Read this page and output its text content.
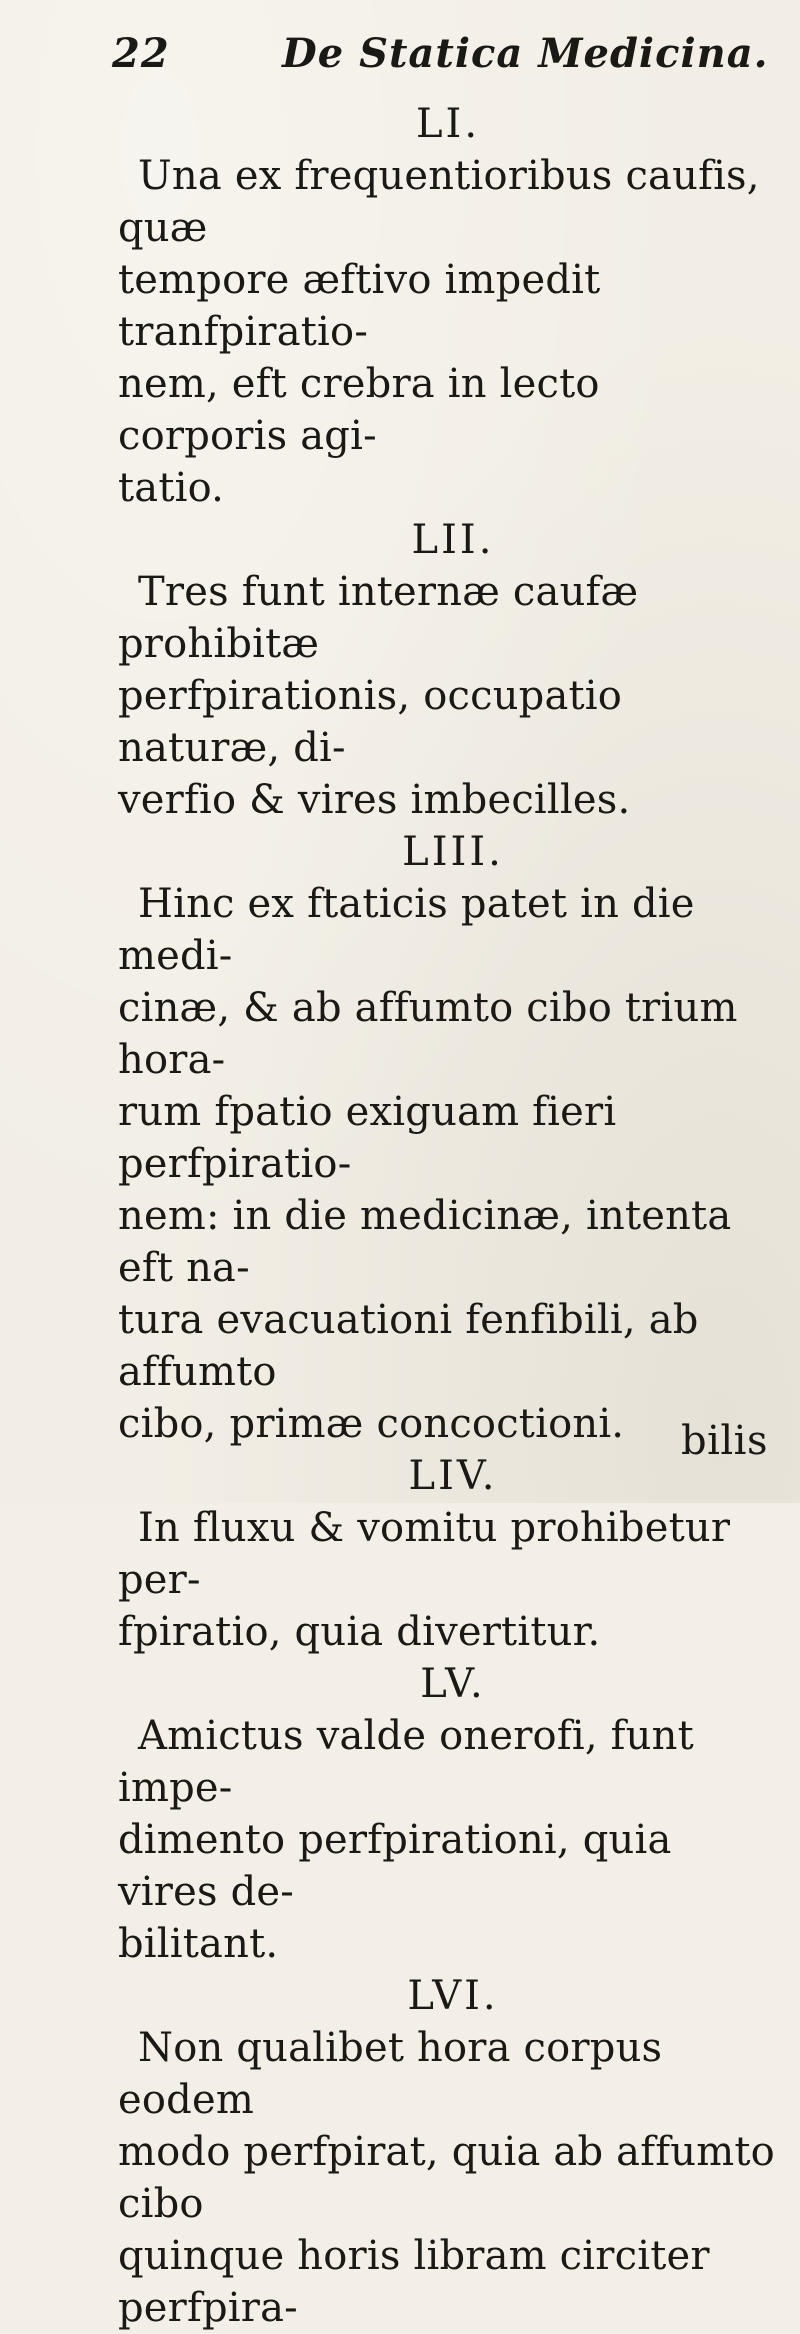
22	De Statica Medicina.
LI.

Una ex frequentioribus caufis, quæ
tempore æftivo impedit tranfpiratio-
nem, eft crebra in lecto corporis agi-
tatio.

LII.

Tres funt internæ caufæ prohibitæ
perfpirationis, occupatio naturæ, di-
verfio & vires imbecilles.

LIII.

Hinc ex ftaticis patet in die medi-
cinæ, & ab affumto cibo trium hora-
rum fpatio exiguam fieri perfpiratio-
nem: in die medicinæ, intenta eft na-
tura evacuationi fenfibili, ab affumto
cibo, primæ concoctioni.

LIV.

In fluxu & vomitu prohibetur per-
fpiratio, quia divertitur.

LV.

Amictus valde onerofi, funt impe-
dimento perfpirationi, quia vires de-
bilitant.

LVI.

Non qualibet hora corpus eodem
modo perfpirat, quia ab affumto cibo
quinque horis libram circiter perfpira-

bilis
